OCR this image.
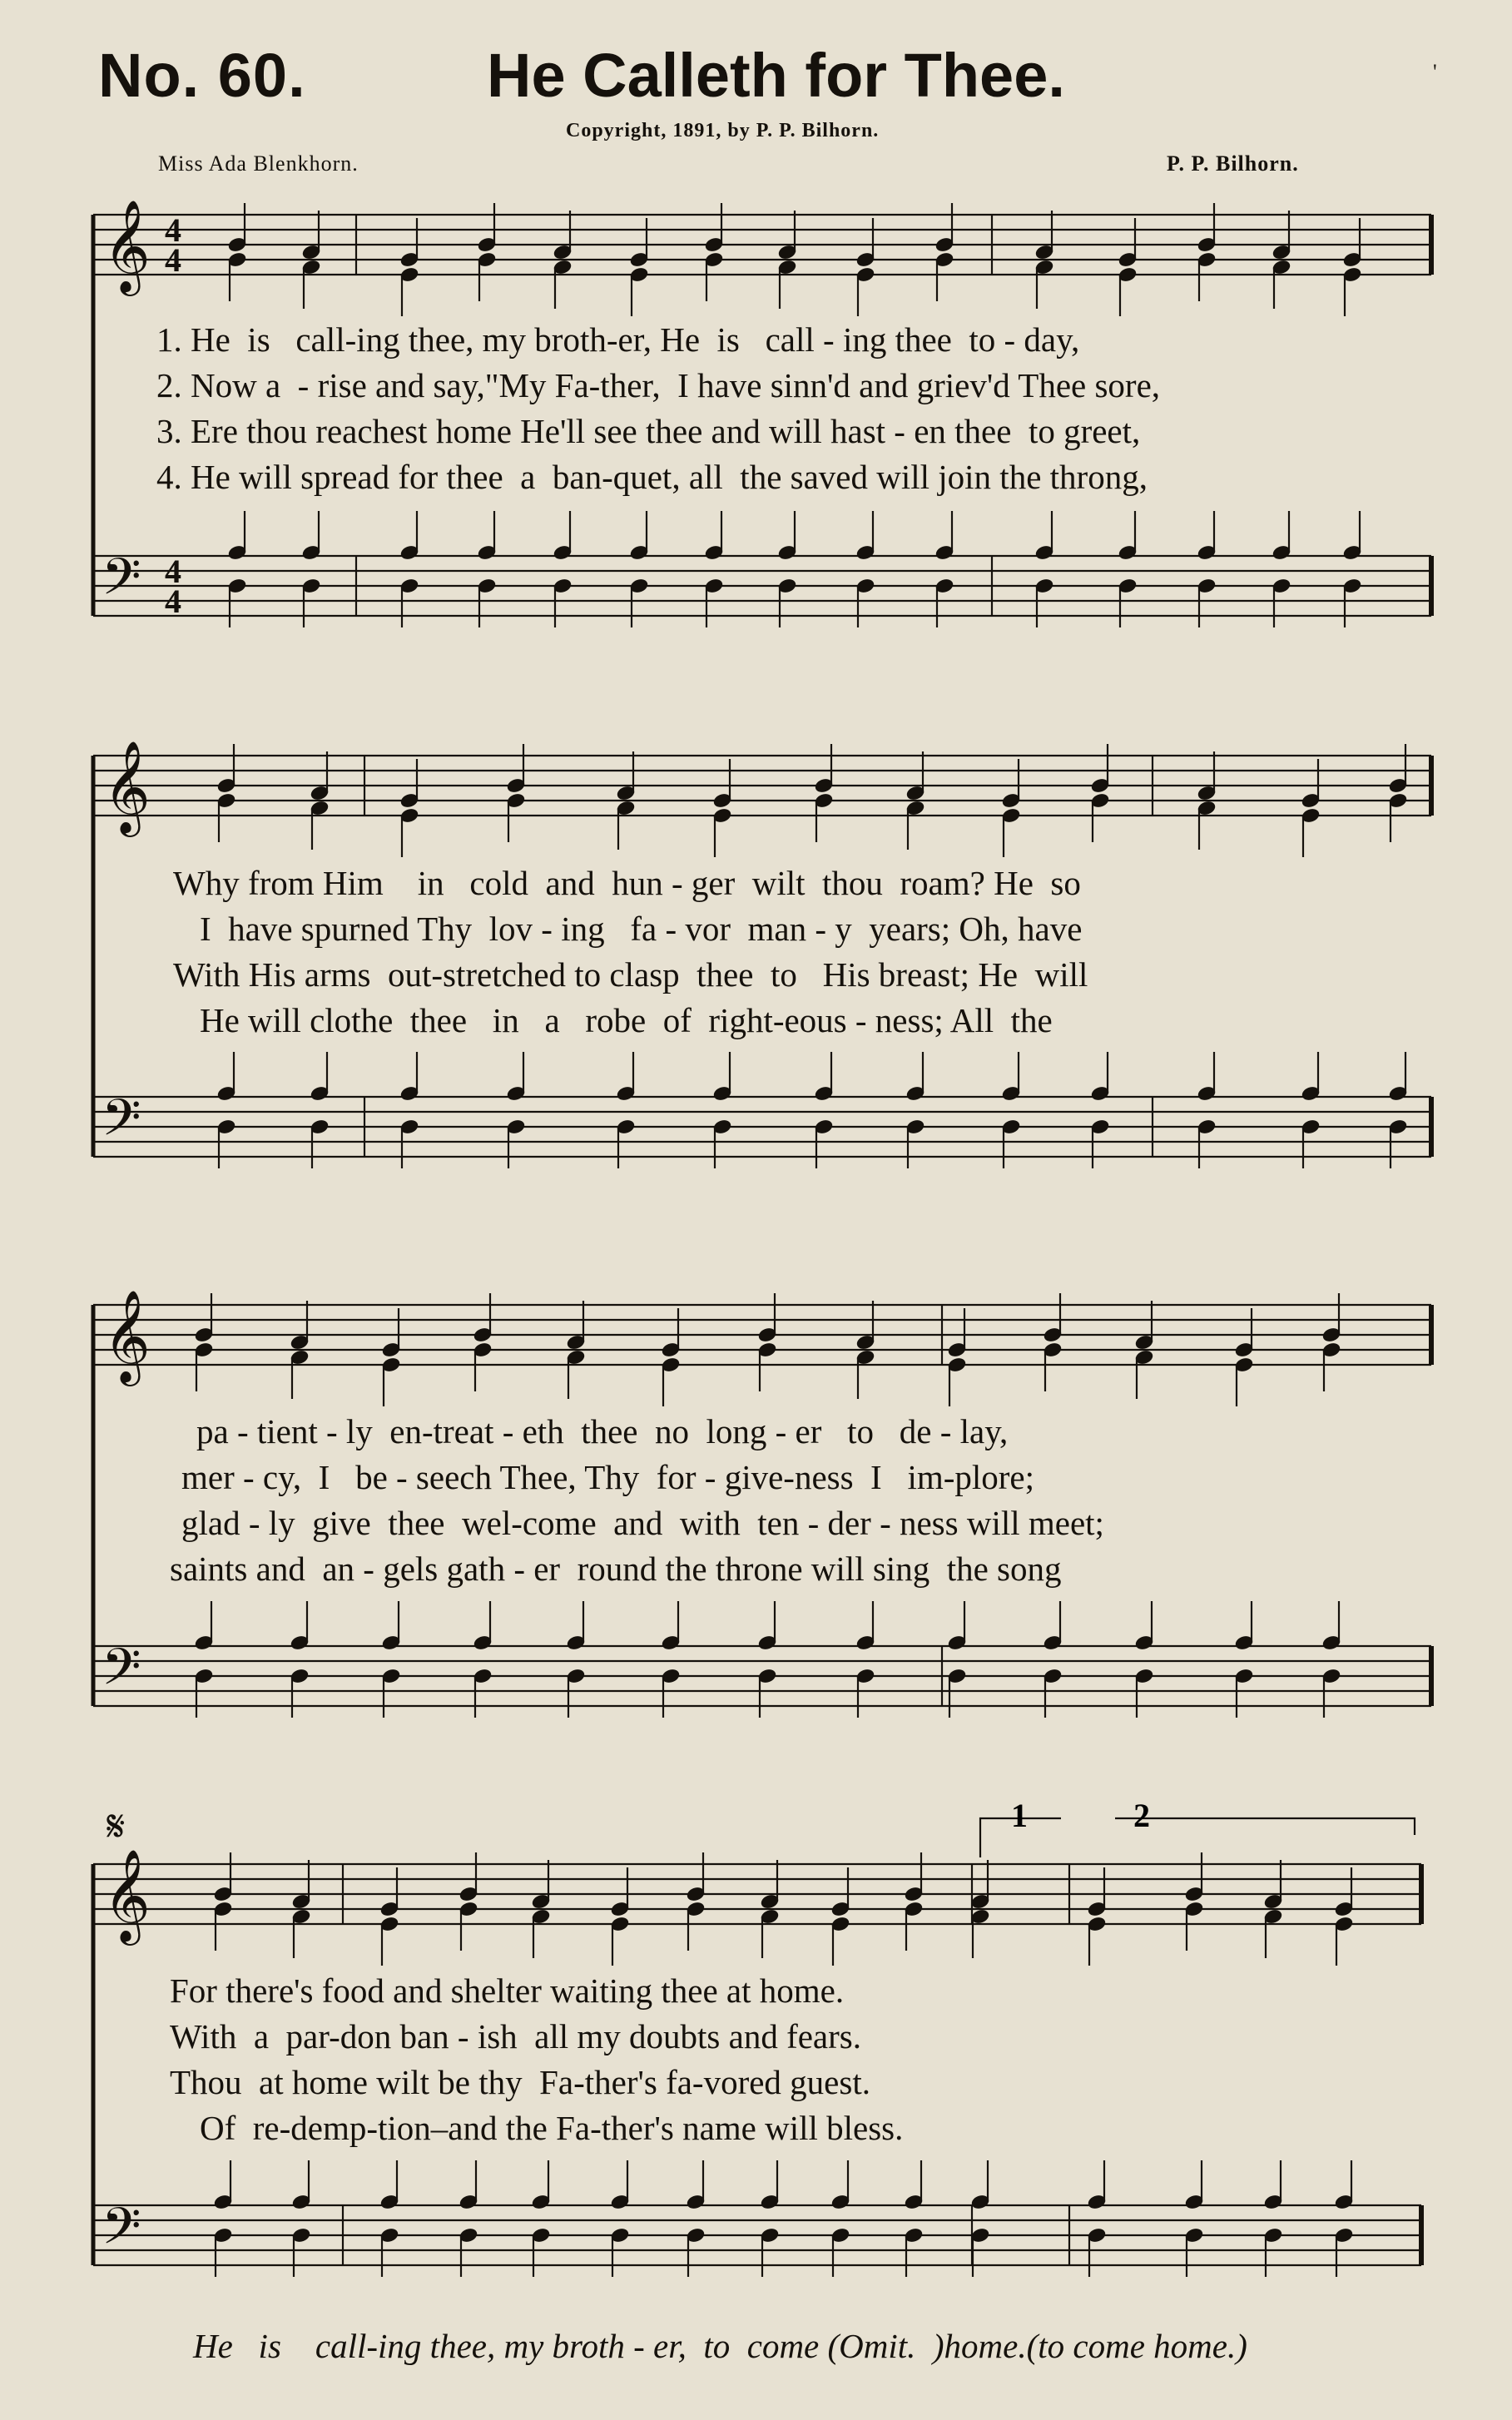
No. 60.	He Calleth for Thee.	'
Copyright, 1891, by P. P. Bilhorn.
Miss Ada Blenkhorn.	P. P. Bilhorn.
𝄞
𝄢
𝄞
𝄢
𝄞
𝄢
𝄞
𝄢
4
4
4
4
𝄋	1	2
1. He  is   call-ing thee, my broth-er, He  is   call - ing thee  to - day,
2. Now a  - rise and say,"My Fa-ther,  I have sinn'd and griev'd Thee sore,
3. Ere thou reachest home He'll see thee and will hast - en thee  to greet,
4. He will spread for thee  a  ban-quet, all  the saved will join the throng,
Why from Him    in   cold  and  hun - ger  wilt  thou  roam? He  so
I  have spurned Thy  lov - ing   fa - vor  man - y  years; Oh, have
With His arms  out-stretched to clasp  thee  to   His breast; He  will
He will clothe  thee   in   a   robe  of  right-eous - ness; All  the
pa - tient - ly  en-treat - eth  thee  no  long - er   to   de - lay,
mer - cy,  I   be - seech Thee, Thy  for - give-ness  I   im-plore;
glad - ly  give  thee  wel-come  and  with  ten - der - ness will meet;
saints and  an - gels gath - er  round the throne will sing  the song
For there's food and shelter waiting thee at home.
With  a  par-don ban - ish  all my doubts and fears.
Thou  at home wilt be thy  Fa-ther's fa-vored guest.
Of  re-demp-tion–and the Fa-ther's name will bless.
He   is    call-ing thee, my broth - er,  to  come (Omit.  )home.(to come home.)
